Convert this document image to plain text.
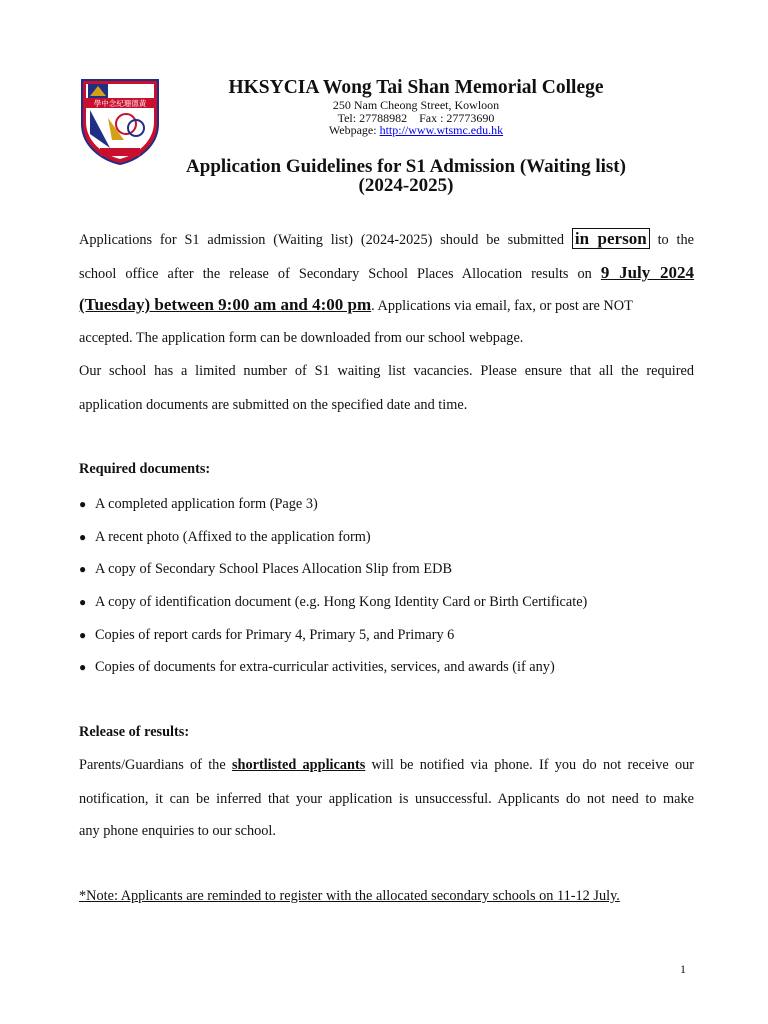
學中念紀珊德黃
HKSYCIA Wong Tai Shan Memorial College
250 Nam Cheong Street, Kowloon
Tel: 27788982 Fax : 27773690
Webpage: http://www.wtsmc.edu.hk
Application Guidelines for S1 Admission (Waiting list)
(2024-2025)
Applications for S1 admission (Waiting list) (2024-2025) should be submitted in person to the
school office after the release of Secondary School Places Allocation results on 9 July 2024
(Tuesday) between 9:00 am and 4:00 pm. Applications via email, fax, or post are NOT
accepted. The application form can be downloaded from our school webpage.
Our school has a limited number of S1 waiting list vacancies. Please ensure that all the required
application documents are submitted on the specified date and time.
Required documents:
● A completed application form (Page 3)
● A recent photo (Affixed to the application form)
● A copy of Secondary School Places Allocation Slip from EDB
● A copy of identification document (e.g. Hong Kong Identity Card or Birth Certificate)
● Copies of report cards for Primary 4, Primary 5, and Primary 6
● Copies of documents for extra-curricular activities, services, and awards (if any)
Release of results:
Parents/Guardians of the shortlisted applicants will be notified via phone. If you do not receive our
notification, it can be inferred that your application is unsuccessful. Applicants do not need to make
any phone enquiries to our school.
*Note: Applicants are reminded to register with the allocated secondary schools on 11-12 July.
1
